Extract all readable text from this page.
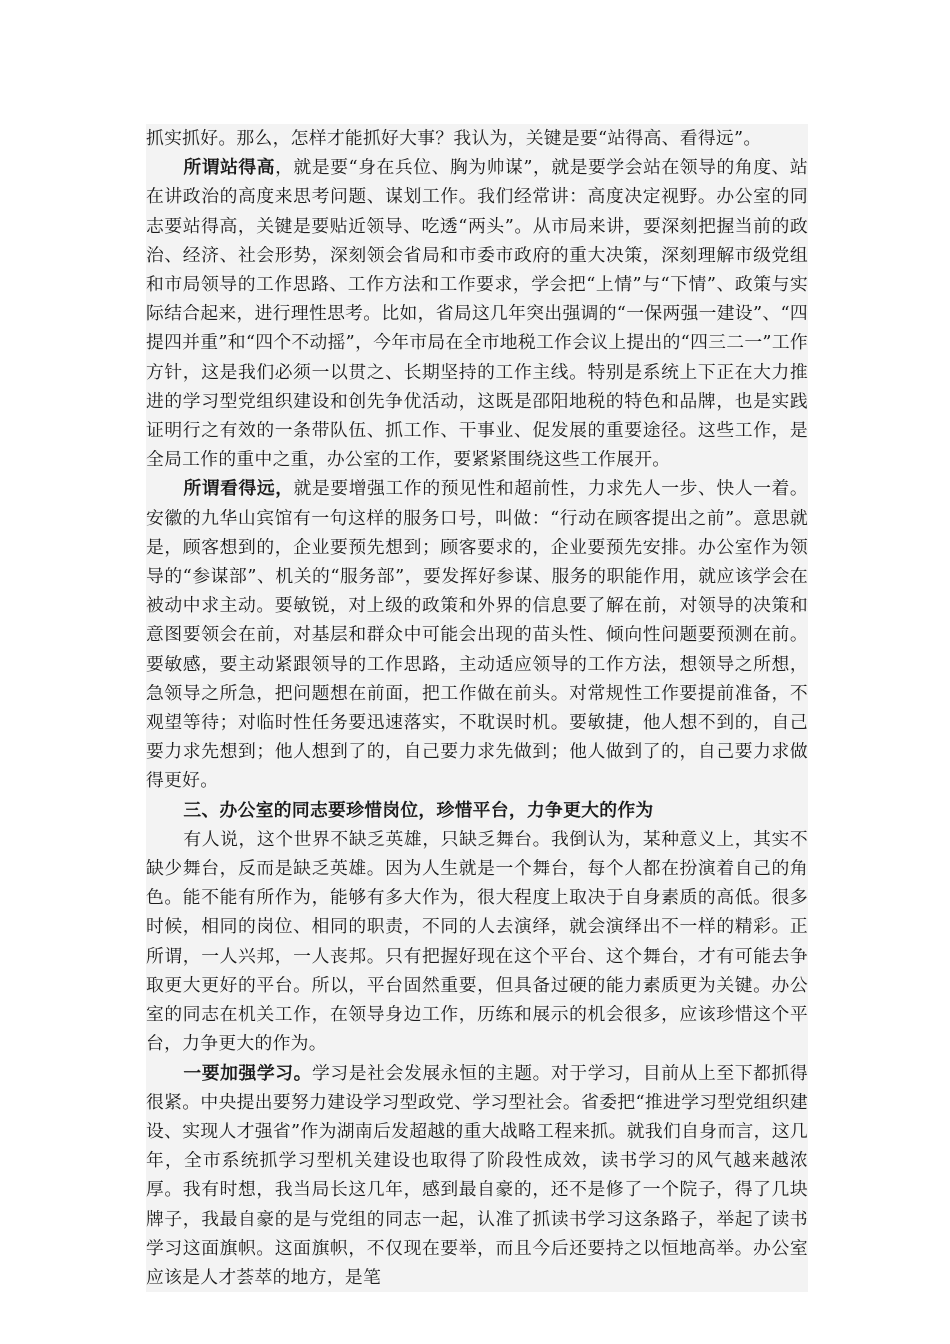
抓实抓好。那么，怎样才能抓好大事？我认为，关键是要“站得高、看得远”。

所谓站得高，就是要“身在兵位、胸为帅谋”，就是要学会站在领导的角度、站在讲政治的高度来思考问题、谋划工作。我们经常讲：高度决定视野。办公室的同志要站得高，关键是要贴近领导、吃透“两头”。从市局来讲，要深刻把握当前的政治、经济、社会形势，深刻领会省局和市委市政府的重大决策，深刻理解市级党组和市局领导的工作思路、工作方法和工作要求，学会把“上情”与“下情”、政策与实际结合起来，进行理性思考。比如，省局这几年突出强调的“一保两强一建设”、“四提四并重”和“四个不动摇”，今年市局在全市地税工作会议上提出的“四三二一”工作方针，这是我们必须一以贯之、长期坚持的工作主线。特别是系统上下正在大力推进的学习型党组织建设和创先争优活动，这既是邵阳地税的特色和品牌，也是实践证明行之有效的一条带队伍、抓工作、干事业、促发展的重要途径。这些工作，是全局工作的重中之重，办公室的工作，要紧紧围绕这些工作展开。

所谓看得远，就是要增强工作的预见性和超前性，力求先人一步、快人一着。安徽的九华山宾馆有一句这样的服务口号，叫做：“行动在顾客提出之前”。意思就是，顾客想到的，企业要预先想到；顾客要求的，企业要预先安排。办公室作为领导的“参谋部”、机关的“服务部”，要发挥好参谋、服务的职能作用，就应该学会在被动中求主动。要敏锐，对上级的政策和外界的信息要了解在前，对领导的决策和意图要领会在前，对基层和群众中可能会出现的苗头性、倾向性问题要预测在前。要敏感，要主动紧跟领导的工作思路，主动适应领导的工作方法，想领导之所想，急领导之所急，把问题想在前面，把工作做在前头。对常规性工作要提前准备，不观望等待；对临时性任务要迅速落实，不耽误时机。要敏捷，他人想不到的，自己要力求先想到；他人想到了的，自己要力求先做到；他人做到了的，自己要力求做得更好。

三、办公室的同志要珍惜岗位，珍惜平台，力争更大的作为

有人说，这个世界不缺乏英雄，只缺乏舞台。我倒认为，某种意义上，其实不缺少舞台，反而是缺乏英雄。因为人生就是一个舞台，每个人都在扮演着自己的角色。能不能有所作为，能够有多大作为，很大程度上取决于自身素质的高低。很多时候，相同的岗位、相同的职责，不同的人去演绎，就会演绎出不一样的精彩。正所谓，一人兴邦，一人丧邦。只有把握好现在这个平台、这个舞台，才有可能去争取更大更好的平台。所以，平台固然重要，但具备过硬的能力素质更为关键。办公室的同志在机关工作，在领导身边工作，历练和展示的机会很多，应该珍惜这个平台，力争更大的作为。

一要加强学习。学习是社会发展永恒的主题。对于学习，目前从上至下都抓得很紧。中央提出要努力建设学习型政党、学习型社会。省委把“推进学习型党组织建设、实现人才强省”作为湖南后发超越的重大战略工程来抓。就我们自身而言，这几年，全市系统抓学习型机关建设也取得了阶段性成效，读书学习的风气越来越浓厚。我有时想，我当局长这几年，感到最自豪的，还不是修了一个院子，得了几块牌子，我最自豪的是与党组的同志一起，认准了抓读书学习这条路子，举起了读书学习这面旗帜。这面旗帜，不仅现在要举，而且今后还要持之以恒地高举。办公室应该是人才荟萃的地方，是笔
